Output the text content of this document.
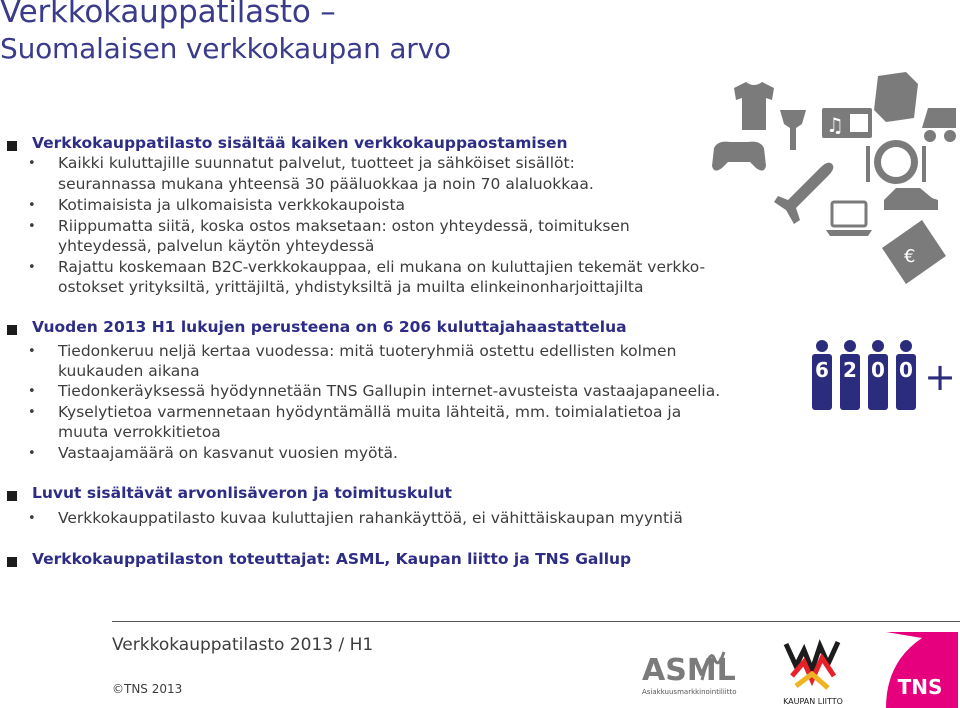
Verkkokauppatilasto –
Suomalaisen verkkokaupan arvo
Verkkokauppatilasto sisältää kaiken verkkokauppaostamisen
• Kaikki kuluttajille suunnatut palvelut, tuotteet ja sähköiset sisällöt:
seurannassa mukana yhteensä 30 pääluokkaa ja noin 70 alaluokkaa.
• Kotimaisista ja ulkomaisista verkkokaupoista
• Riippumatta siitä, koska ostos maksetaan: oston yhteydessä, toimituksen
yhteydessä, palvelun käytön yhteydessä
• Rajattu koskemaan B2C-verkkokauppaa, eli mukana on kuluttajien tekemät verkko-
ostokset yrityksiltä, yrittäjiltä, yhdistyksiltä ja muilta elinkeinonharjoittajilta
Vuoden 2013 H1 lukujen perusteena on 6 206 kuluttajahaastattelua
• Tiedonkeruu neljä kertaa vuodessa: mitä tuoteryhmiä ostettu edellisten kolmen
kuukauden aikana
• Tiedonkeräyksessä hyödynnetään TNS Gallupin internet-avusteista vastaajapaneelia.
• Kyselytietoa varmennetaan hyödyntämällä muita lähteitä, mm. toimialatietoa ja
muuta verrokkitietoa
• Vastaajamäärä on kasvanut vuosien myötä.
Luvut sisältävät arvonlisäveron ja toimituskulut
• Verkkokauppatilasto kuvaa kuluttajien rahankäyttöä, ei vähittäiskaupan myyntiä
Verkkokauppatilaston toteuttajat: ASML, Kaupan liitto ja TNS Gallup
♫
€
6 2 0 0 +
Verkkokauppatilasto 2013 / H1
©TNS 2013
ASML
Asiakkuusmarkkinointiliitto
KAUPAN LIITTO
TNS
